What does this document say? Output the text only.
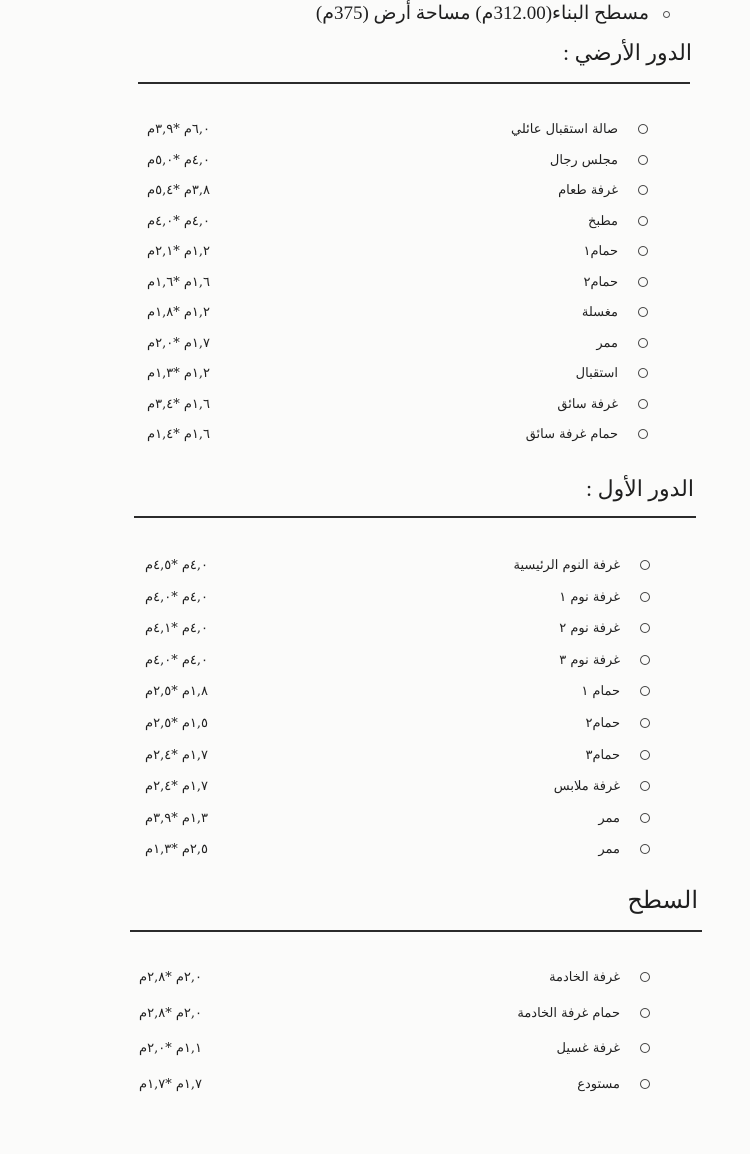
مسطح البناء(312.00م) مساحة أرض (375م)
الدور الأرضي :
صالة استقبال عائلي
٦,٠م *٣,٩م
مجلس رجال
٤,٠م *٥,٠م
غرفة طعام
٣,٨م *٥,٤م
مطبخ
٤,٠م *٤,٠م
حمام١
١,٢م *٢,١م
حمام٢
١,٦م *١,٦م
مغسلة
١,٢م *١,٨م
ممر
١,٧م *٢,٠م
استقبال
١,٢م *١,٣م
غرفة سائق
١,٦م *٣,٤م
حمام غرفة سائق
١,٦م *١,٤م
الدور الأول :
غرفة النوم الرئيسية
٤,٠م *٤,٥م
غرفة نوم ١
٤,٠م *٤,٠م
غرفة نوم ٢
٤,٠م *٤,١م
غرفة نوم ٣
٤,٠م *٤,٠م
حمام ١
١,٨م *٢,٥م
حمام٢
١,٥م *٢,٥م
حمام٣
١,٧م *٢,٤م
غرفة ملابس
١,٧م *٢,٤م
ممر
١,٣م *٣,٩م
ممر
٢,٥م *١,٣م
السطح
غرفة الخادمة
٢,٠م *٢,٨م
حمام غرفة الخادمة
٢,٠م *٢,٨م
غرفة غسيل
١,١م *٢,٠م
مستودع
١,٧م *١,٧م
